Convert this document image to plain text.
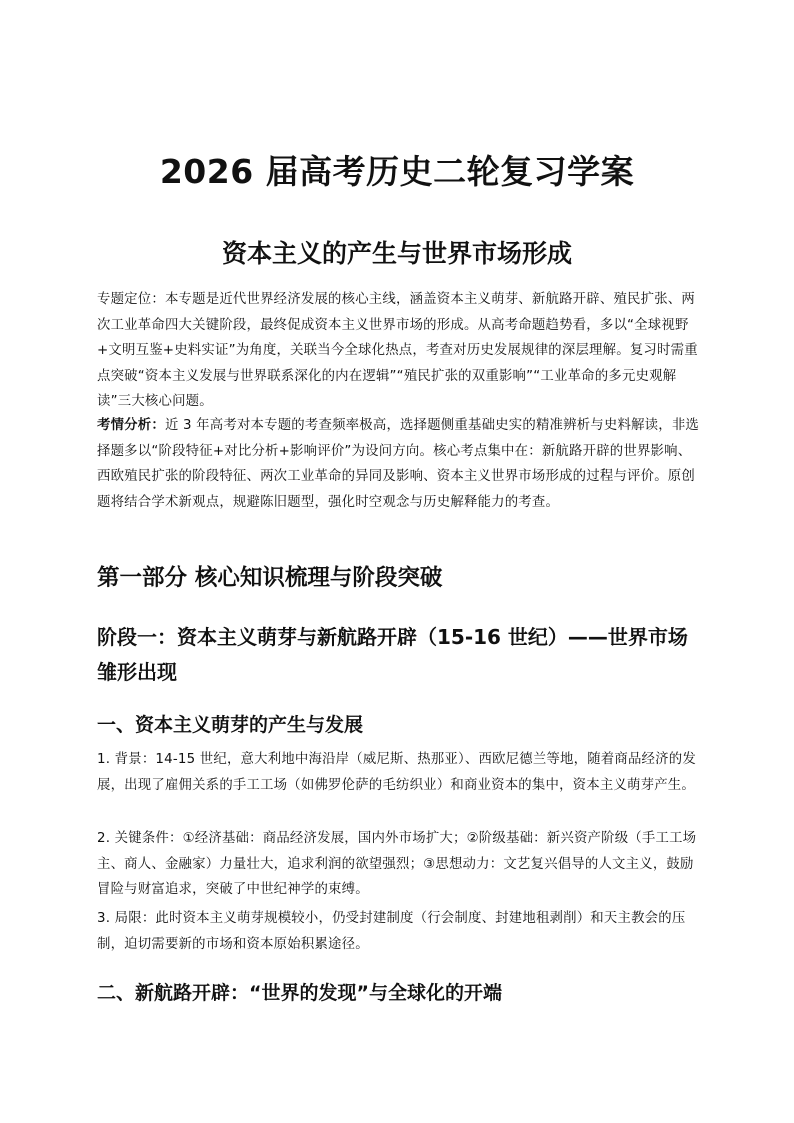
2026 届高考历史二轮复习学案
资本主义的产生与世界市场形成

专题定位：本专题是近代世界经济发展的核心主线，涵盖资本主义萌芽、新航路开辟、殖民扩张、两次工业革命四大关键阶段，最终促成资本主义世界市场的形成。从高考命题趋势看，多以“全球视野+文明互鉴+史料实证”为角度，关联当今全球化热点，考查对历史发展规律的深层理解。复习时需重点突破“资本主义发展与世界联系深化的内在逻辑”“殖民扩张的双重影响”“工业革命的多元史观解读”三大核心问题。

考情分析：近 3 年高考对本专题的考查频率极高，选择题侧重基础史实的精准辨析与史料解读，非选择题多以“阶段特征+对比分析+影响评价”为设问方向。核心考点集中在：新航路开辟的世界影响、西欧殖民扩张的阶段特征、两次工业革命的异同及影响、资本主义世界市场形成的过程与评价。原创题将结合学术新观点，规避陈旧题型，强化时空观念与历史解释能力的考查。

第一部分 核心知识梳理与阶段突破
阶段一：资本主义萌芽与新航路开辟（15-16 世纪）——世界市场雏形出现
一、资本主义萌芽的产生与发展

1. 背景：14-15 世纪，意大利地中海沿岸（威尼斯、热那亚）、西欧尼德兰等地，随着商品经济的发展，出现了雇佣关系的手工工场（如佛罗伦萨的毛纺织业）和商业资本的集中，资本主义萌芽产生。

2. 关键条件：①经济基础：商品经济发展，国内外市场扩大；②阶级基础：新兴资产阶级（手工工场主、商人、金融家）力量壮大，追求利润的欲望强烈；③思想动力：文艺复兴倡导的人文主义，鼓励冒险与财富追求，突破了中世纪神学的束缚。

3. 局限：此时资本主义萌芽规模较小，仍受封建制度（行会制度、封建地租剥削）和天主教会的压制，迫切需要新的市场和资本原始积累途径。

二、新航路开辟：“世界的发现”与全球化的开端
